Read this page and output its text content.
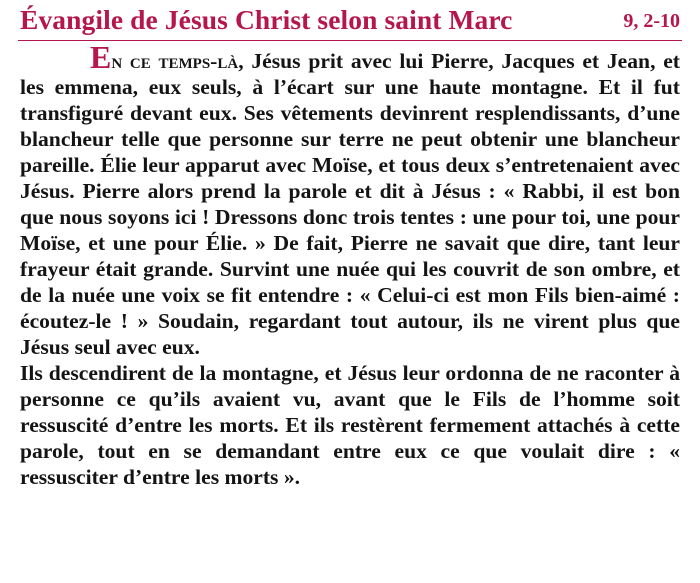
Évangile de Jésus Christ selon saint Marc	9, 2-10

En ce temps-là, Jésus prit avec lui Pierre, Jacques et Jean, et les emmena, eux seuls, à l’écart sur une haute montagne. Et il fut transfiguré devant eux. Ses vêtements devinrent resplendissants, d’une blancheur telle que personne sur terre ne peut obtenir une blancheur pareille. Élie leur apparut avec Moïse, et tous deux s’entretenaient avec Jésus. Pierre alors prend la parole et dit à Jésus : « Rabbi, il est bon que nous soyons ici ! Dressons donc trois tentes : une pour toi, une pour Moïse, et une pour Élie. » De fait, Pierre ne savait que dire, tant leur frayeur était grande. Survint une nuée qui les couvrit de son ombre, et de la nuée une voix se fit entendre : « Celui-ci est mon Fils bien-aimé : écoutez-le ! » Soudain, regardant tout autour, ils ne virent plus que Jésus seul avec eux.

Ils descendirent de la montagne, et Jésus leur ordonna de ne raconter à personne ce qu’ils avaient vu, avant que le Fils de l’homme soit ressuscité d’entre les morts. Et ils restèrent fermement attachés à cette parole, tout en se demandant entre eux ce que voulait dire : « ressusciter d’entre les morts ».
